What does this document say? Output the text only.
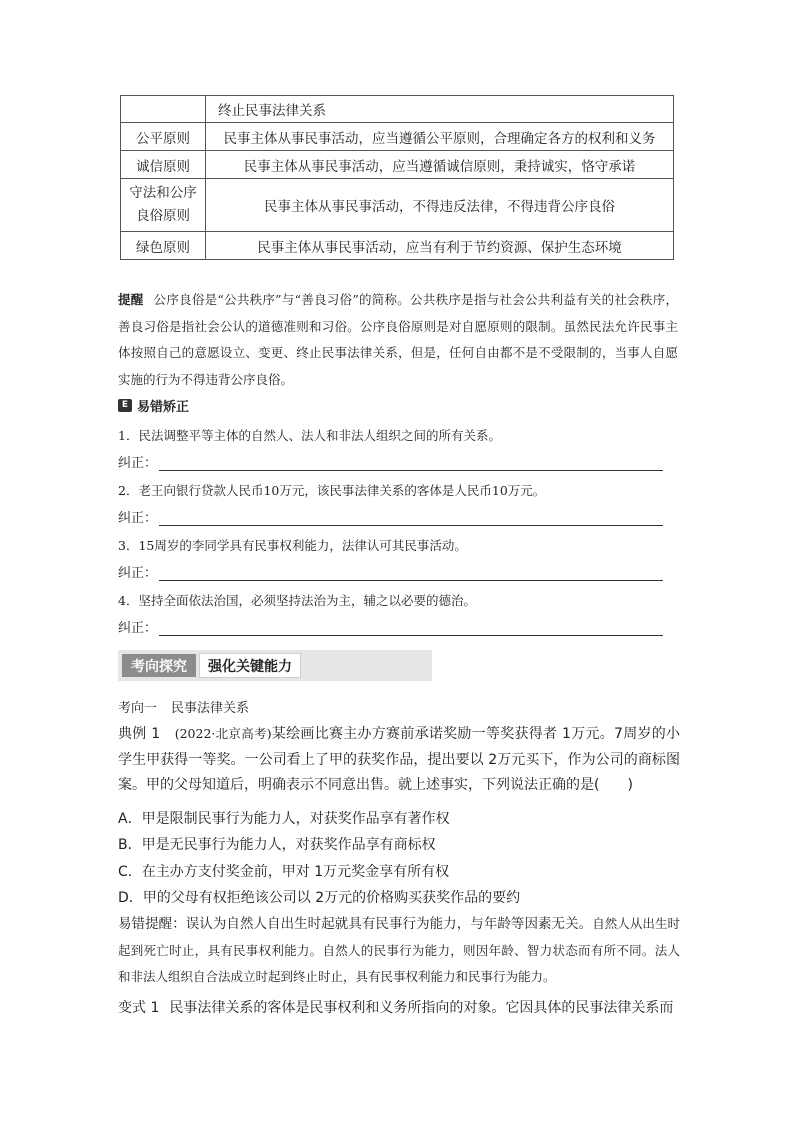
	终止民事法律关系
公平原则	民事主体从事民事活动，应当遵循公平原则，合理确定各方的权利和义务
诚信原则	民事主体从事民事活动，应当遵循诚信原则，秉持诚实，恪守承诺

守法和公序
良俗原则	民事主体从事民事活动，不得违反法律，不得违背公序良俗
绿色原则	民事主体从事民事活动，应当有利于节约资源、保护生态环境
提醒 公序良俗是“公共秩序”与“善良习俗”的简称。公共秩序是指与社会公共利益有关的社会秩序，善良习俗是指社会公认的道德准则和习俗。公序良俗原则是对自愿原则的限制。虽然民法允许民事主体按照自己的意愿设立、变更、终止民事法律关系，但是，任何自由都不是不受限制的，当事人自愿实施的行为不得违背公序良俗。
E 易错矫正
1．民法调整平等主体的自然人、法人和非法人组织之间的所有关系。
纠正：
2．老王向银行贷款人民币10万元，该民事法律关系的客体是人民币10万元。
纠正：
3．15周岁的李同学具有民事权利能力，法律认可其民事活动。
纠正：
4．坚持全面依法治国，必须坚持法治为主，辅之以必要的德治。
纠正：
考向探究	强化关键能力
考向一 民事法律关系
典例 1　 (2022·北京高考)某绘画比赛主办方赛前承诺奖励一等奖获得者 1万元。7周岁的小学生甲获得一等奖。一公司看上了甲的获奖作品，提出要以 2万元买下，作为公司的商标图案。甲的父母知道后，明确表示不同意出售。就上述事实，下列说法正确的是(　　)
A．甲是限制民事行为能力人，对获奖作品享有著作权
B．甲是无民事行为能力人，对获奖作品享有商标权
C．在主办方支付奖金前，甲对 1万元奖金享有所有权
D．甲的父母有权拒绝该公司以 2万元的价格购买获奖作品的要约
易错提醒：误认为自然人自出生时起就具有民事行为能力，与年龄等因素无关。自然人从出生时起到死亡时止，具有民事权利能力。自然人的民事行为能力，则因年龄、智力状态而有所不同。法人和非法人组织自合法成立时起到终止时止，具有民事权利能力和民事行为能力。
变式 1 民事法律关系的客体是民事权利和义务所指向的对象。它因具体的民事法律关系而
